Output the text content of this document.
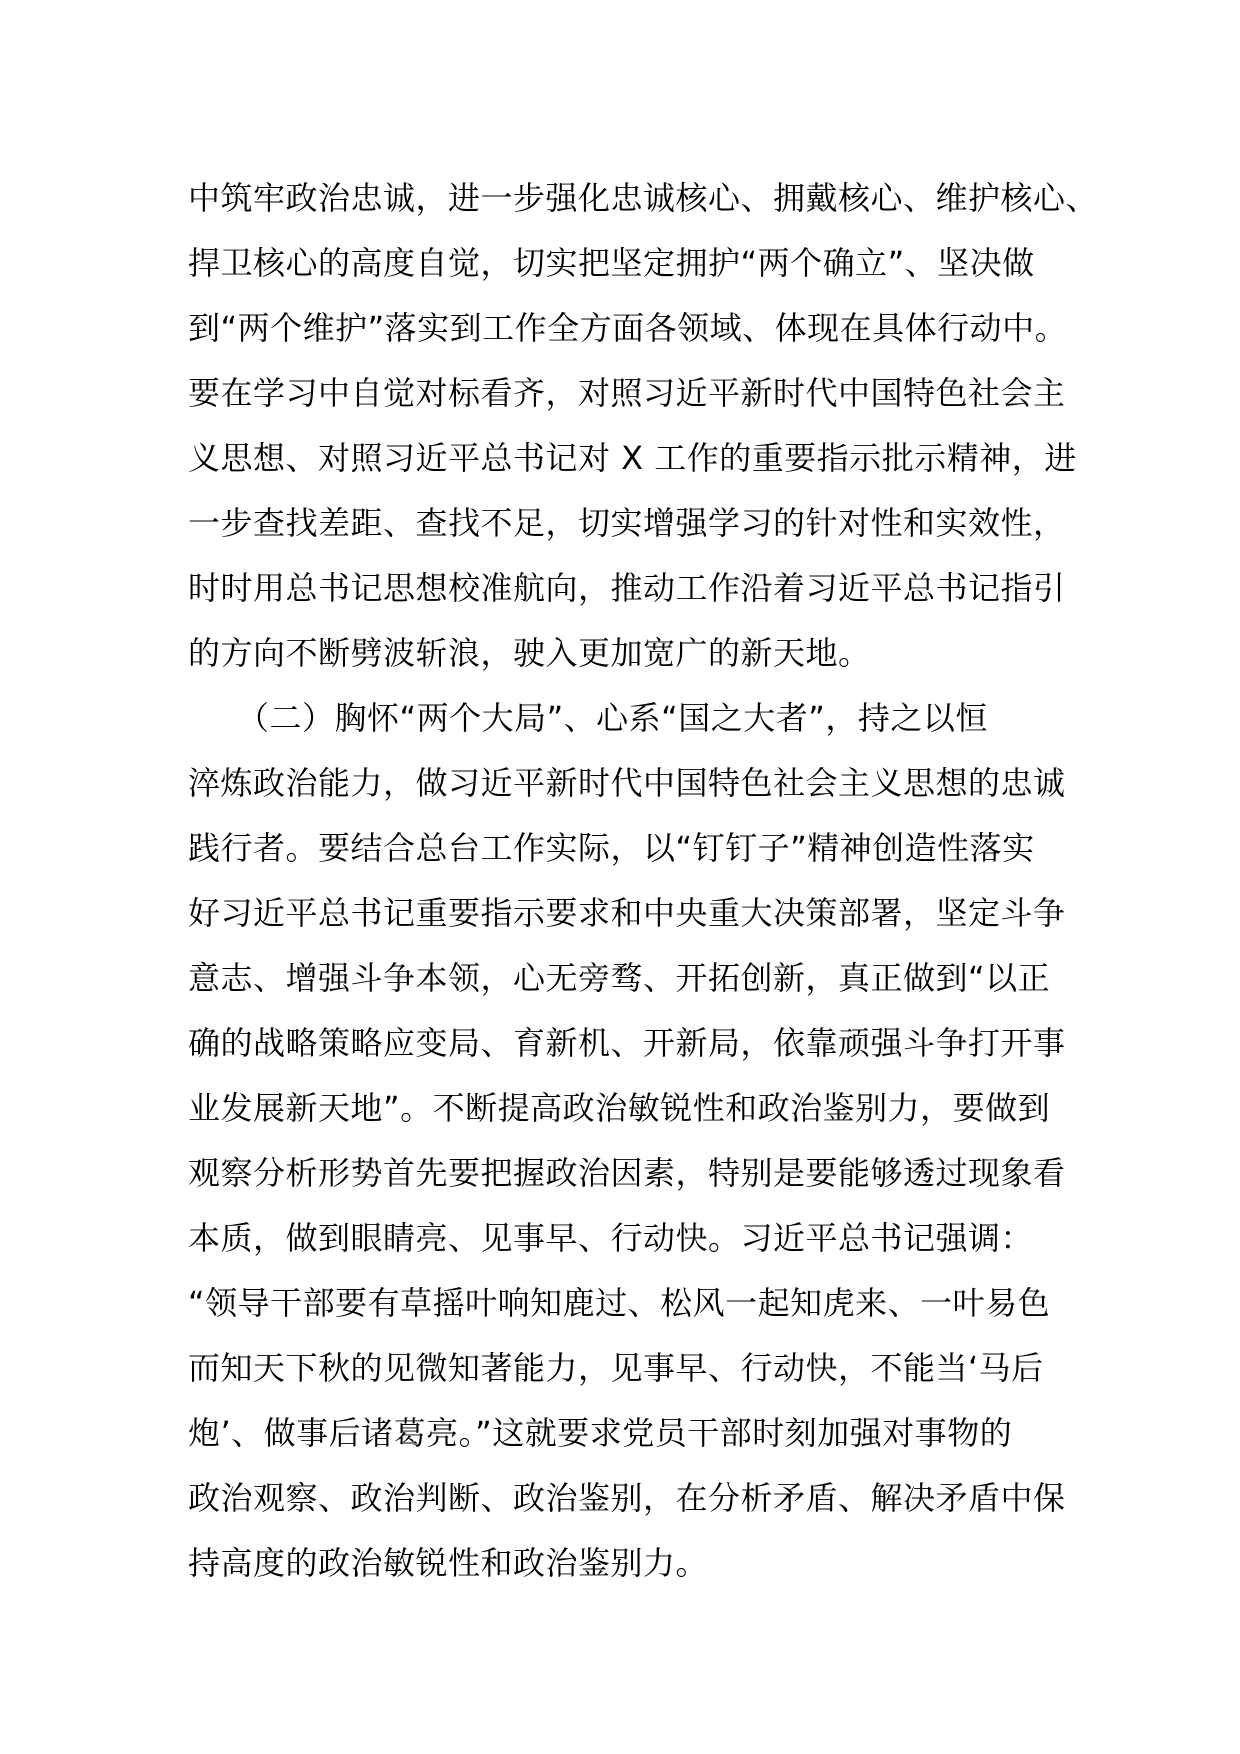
中筑牢政治忠诚，进一步强化忠诚核心、拥戴核心、维护核心、
捍卫核心的高度自觉，切实把坚定拥护“两个确立”、坚决做
到“两个维护”落实到工作全方面各领域、体现在具体行动中。
要在学习中自觉对标看齐，对照习近平新时代中国特色社会主
义思想、对照习近平总书记对 X 工作的重要指示批示精神，进
一步查找差距、查找不足，切实增强学习的针对性和实效性，
时时用总书记思想校准航向，推动工作沿着习近平总书记指引
的方向不断劈波斩浪，驶入更加宽广的新天地。
　　（二）胸怀“两个大局”、心系“国之大者”，持之以恒
淬炼政治能力，做习近平新时代中国特色社会主义思想的忠诚
践行者。要结合总台工作实际，以“钉钉子”精神创造性落实
好习近平总书记重要指示要求和中央重大决策部署，坚定斗争
意志、增强斗争本领，心无旁骛、开拓创新，真正做到“以正
确的战略策略应变局、育新机、开新局，依靠顽强斗争打开事
业发展新天地”。不断提高政治敏锐性和政治鉴别力，要做到
观察分析形势首先要把握政治因素，特别是要能够透过现象看
本质，做到眼睛亮、见事早、行动快。习近平总书记强调：
“领导干部要有草摇叶响知鹿过、松风一起知虎来、一叶易色
而知天下秋的见微知著能力，见事早、行动快，不能当‘马后
炮’、做事后诸葛亮。”这就要求党员干部时刻加强对事物的
政治观察、政治判断、政治鉴别，在分析矛盾、解决矛盾中保
持高度的政治敏锐性和政治鉴别力。
